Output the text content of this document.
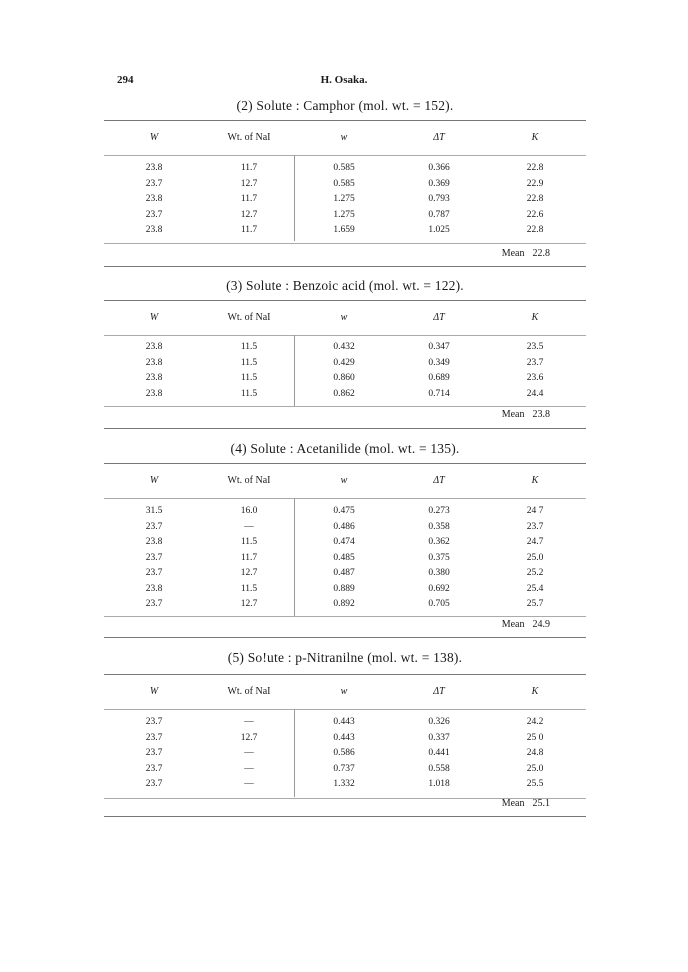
294	H. Osaka.
(2) Solute : Camphor (mol. wt. = 152).
W	Wt. of NaI	w	ΔT	K
23.8	11.7	0.585	0.366	22.8
23.7	12.7	0.585	0.369	22.9
23.8	11.7	1.275	0.793	22.8
23.7	12.7	1.275	0.787	22.6
23.8	11.7	1.659	1.025	22.8
Mean 22.8
(3) Solute : Benzoic acid (mol. wt. = 122).
W	Wt. of NaI	w	ΔT	K
23.8	11.5	0.432	0.347	23.5
23.8	11.5	0.429	0.349	23.7
23.8	11.5	0.860	0.689	23.6
23.8	11.5	0.862	0.714	24.4
Mean 23.8
(4) Solute : Acetanilide (mol. wt. = 135).
W	Wt. of NaI	w	ΔT	K
31.5	16.0	0.475	0.273	24 7
23.7	—	0.486	0.358	23.7
23.8	11.5	0.474	0.362	24.7
23.7	11.7	0.485	0.375	25.0
23.7	12.7	0.487	0.380	25.2
23.8	11.5	0.889	0.692	25.4
23.7	12.7	0.892	0.705	25.7
Mean 24.9
(5) So!ute : p-Nitranilne (mol. wt. = 138).
W	Wt. of NaI	w	ΔT	K
23.7	—	0.443	0.326	24.2
23.7	12.7	0.443	0.337	25 0
23.7	—	0.586	0.441	24.8
23.7	—	0.737	0.558	25.0
23.7	—	1.332	1.018	25.5
Mean 25.1
